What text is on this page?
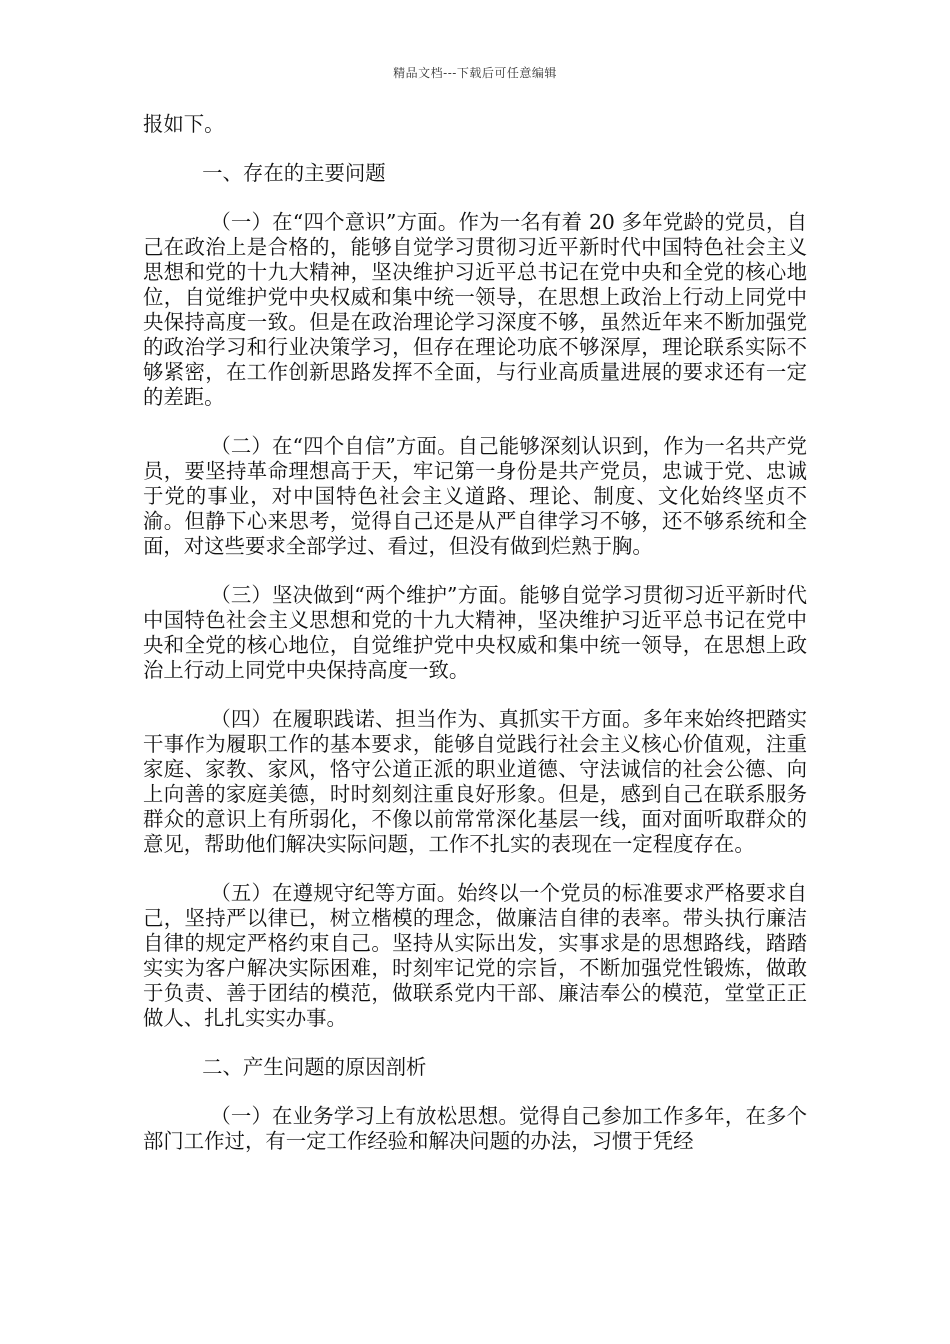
精品文档---下载后可任意编辑

报如下。

一、存在的主要问题

（一）在“四个意识”方面。作为一名有着 20 多年党龄的党员，自己在政治上是合格的，能够自觉学习贯彻习近平新时代中国特色社会主义思想和党的十九大精神，坚决维护习近平总书记在党中央和全党的核心地位，自觉维护党中央权威和集中统一领导，在思想上政治上行动上同党中央保持高度一致。但是在政治理论学习深度不够，虽然近年来不断加强党的政治学习和行业决策学习，但存在理论功底不够深厚，理论联系实际不够紧密，在工作创新思路发挥不全面，与行业高质量进展的要求还有一定的差距。

（二）在“四个自信”方面。自己能够深刻认识到，作为一名共产党员，要坚持革命理想高于天，牢记第一身份是共产党员，忠诚于党、忠诚于党的事业，对中国特色社会主义道路、理论、制度、文化始终坚贞不渝。但静下心来思考，觉得自己还是从严自律学习不够，还不够系统和全面，对这些要求全部学过、看过，但没有做到烂熟于胸。

（三）坚决做到“两个维护”方面。能够自觉学习贯彻习近平新时代中国特色社会主义思想和党的十九大精神，坚决维护习近平总书记在党中央和全党的核心地位，自觉维护党中央权威和集中统一领导，在思想上政治上行动上同党中央保持高度一致。

（四）在履职践诺、担当作为、真抓实干方面。多年来始终把踏实干事作为履职工作的基本要求，能够自觉践行社会主义核心价值观，注重家庭、家教、家风，恪守公道正派的职业道德、守法诚信的社会公德、向上向善的家庭美德，时时刻刻注重良好形象。但是，感到自己在联系服务群众的意识上有所弱化，不像以前常常深化基层一线，面对面听取群众的意见，帮助他们解决实际问题，工作不扎实的表现在一定程度存在。

（五）在遵规守纪等方面。始终以一个党员的标准要求严格要求自己，坚持严以律已，树立楷模的理念，做廉洁自律的表率。带头执行廉洁自律的规定严格约束自己。坚持从实际出发，实事求是的思想路线，踏踏实实为客户解决实际困难，时刻牢记党的宗旨，不断加强党性锻炼，做敢于负责、善于团结的模范，做联系党内干部、廉洁奉公的模范，堂堂正正做人、扎扎实实办事。

二、产生问题的原因剖析

（一）在业务学习上有放松思想。觉得自己参加工作多年，在多个部门工作过，有一定工作经验和解决问题的办法，习惯于凭经
